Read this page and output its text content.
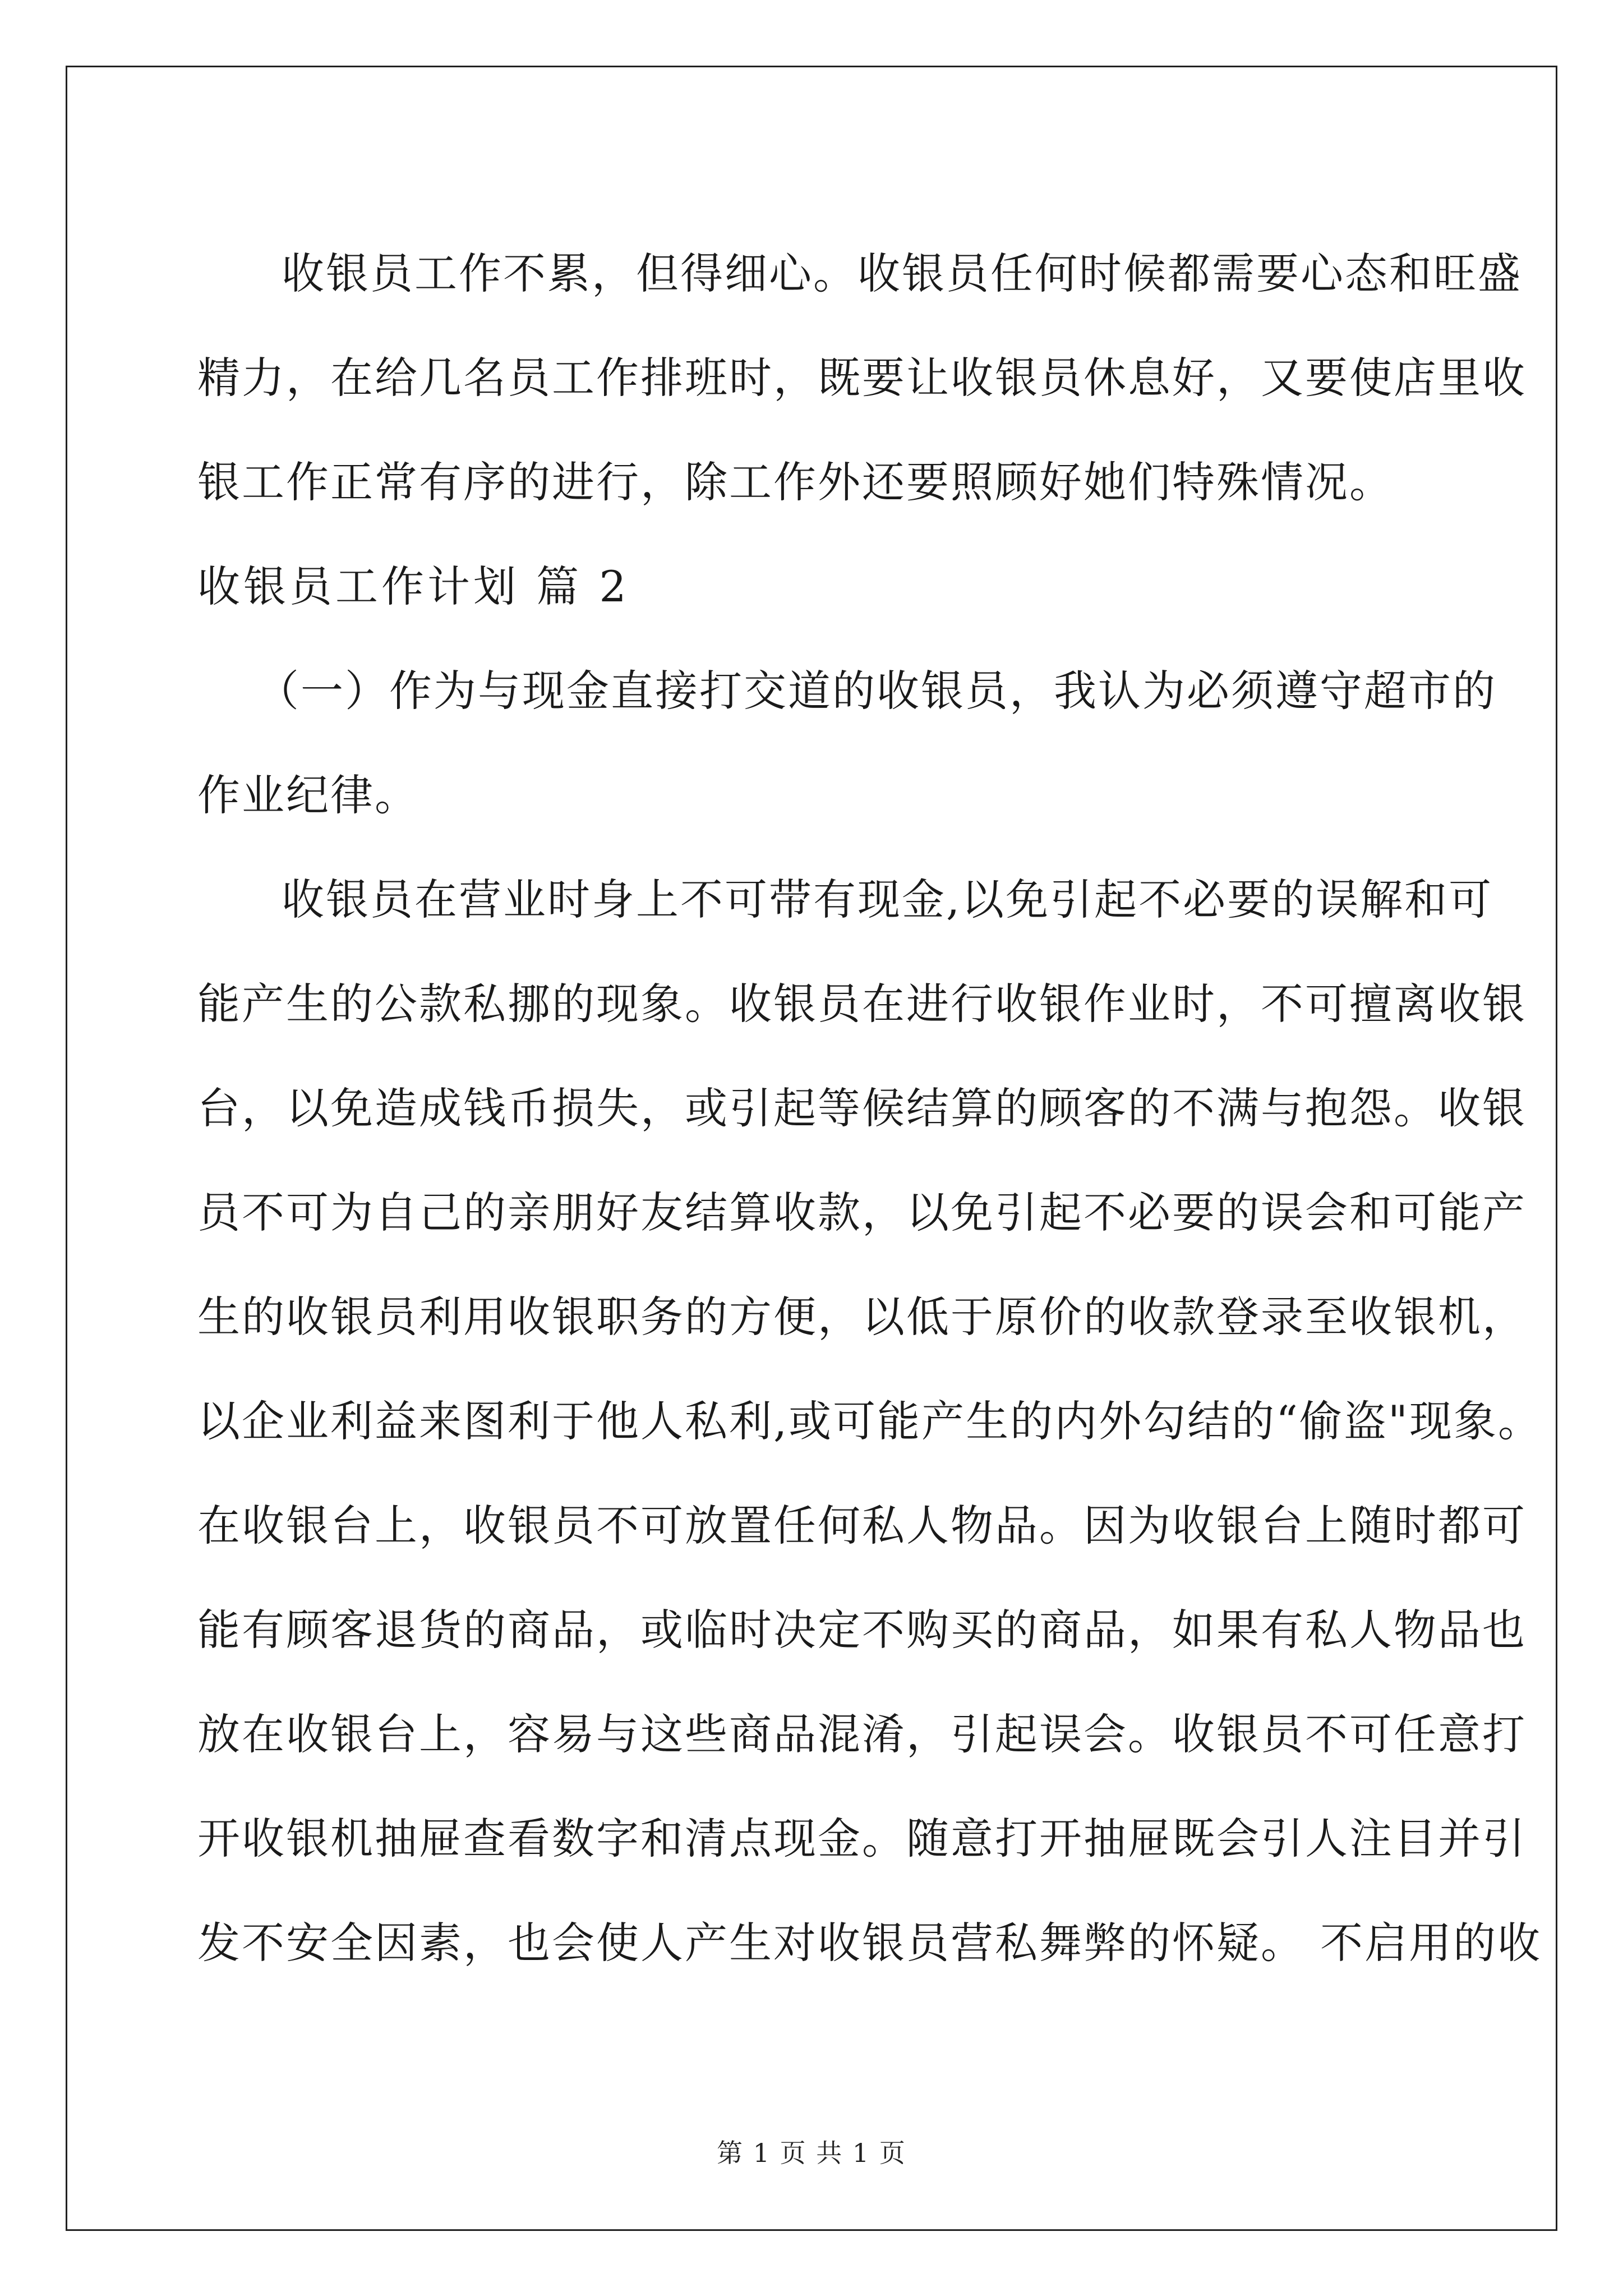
收银员工作不累，但得细心。收银员任何时候都需要心态和旺盛
精力，在给几名员工作排班时，既要让收银员休息好，又要使店里收
银工作正常有序的进行，除工作外还要照顾好她们特殊情况。
收银员工作计划 篇 2
（一）作为与现金直接打交道的收银员，我认为必须遵守超市的
作业纪律。
收银员在营业时身上不可带有现金,以免引起不必要的误解和可
能产生的公款私挪的现象。收银员在进行收银作业时，不可擅离收银
台，以免造成钱币损失，或引起等候结算的顾客的不满与抱怨。收银
员不可为自己的亲朋好友结算收款，以免引起不必要的误会和可能产
生的收银员利用收银职务的方便，以低于原价的收款登录至收银机，
以企业利益来图利于他人私利,或可能产生的内外勾结的“偷盗"现象。
在收银台上，收银员不可放置任何私人物品。因为收银台上随时都可
能有顾客退货的商品，或临时决定不购买的商品，如果有私人物品也
放在收银台上，容易与这些商品混淆，引起误会。收银员不可任意打
开收银机抽屉查看数字和清点现金。随意打开抽屉既会引人注目并引
发不安全因素，也会使人产生对收银员营私舞弊的怀疑。 不启用的收
第 1 页 共 1 页
